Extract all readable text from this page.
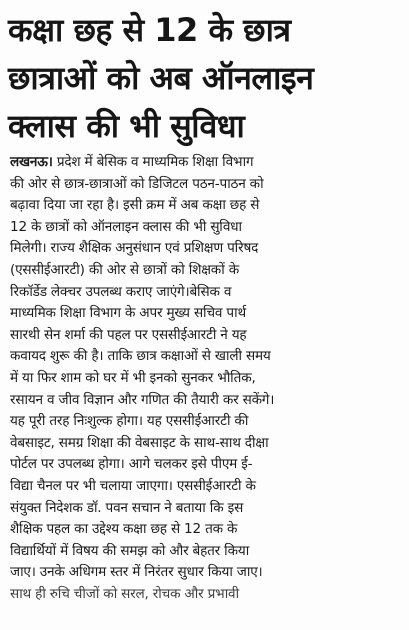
कक्षा छह से 12 के छात्र
छात्राओं को अब ऑनलाइन
क्लास की भी सुविधा
लखनऊ। प्रदेश में बेसिक व माध्यमिक शिक्षा विभाग
की ओर से छात्र-छात्राओं को डिजिटल पठन-पाठन को
बढ़ावा दिया जा रहा है। इसी क्रम में अब कक्षा छह से
12 के छात्रों को ऑनलाइन क्लास की भी सुविधा
मिलेगी। राज्य शैक्षिक अनुसंधान एवं प्रशिक्षण परिषद
(एससीईआरटी) की ओर से छात्रों को शिक्षकों के
रिकॉर्डेड लेक्चर उपलब्ध कराए जाएंगे।बेसिक व
माध्यमिक शिक्षा विभाग के अपर मुख्य सचिव पार्थ
सारथी सेन शर्मा की पहल पर एससीईआरटी ने यह
कवायद शुरू की है। ताकि छात्र कक्षाओं से खाली समय
में या फिर शाम को घर में भी इनको सुनकर भौतिक,
रसायन व जीव विज्ञान और गणित की तैयारी कर सकेंगे।
यह पूरी तरह निःशुल्क होगा। यह एससीईआरटी की
वेबसाइट, समग्र शिक्षा की वेबसाइट के साथ-साथ दीक्षा
पोर्टल पर उपलब्ध होगा। आगे चलकर इसे पीएम ई-
विद्या चैनल पर भी चलाया जाएगा। एससीईआरटी के
संयुक्त निदेशक डॉ. पवन सचान ने बताया कि इस
शैक्षिक पहल का उद्देश्य कक्षा छह से 12 तक के
विद्यार्थियों में विषय की समझ को और बेहतर किया
जाए। उनके अधिगम स्तर में निरंतर सुधार किया जाए।
साथ ही रुचि चीजों को सरल, रोचक और प्रभावी
